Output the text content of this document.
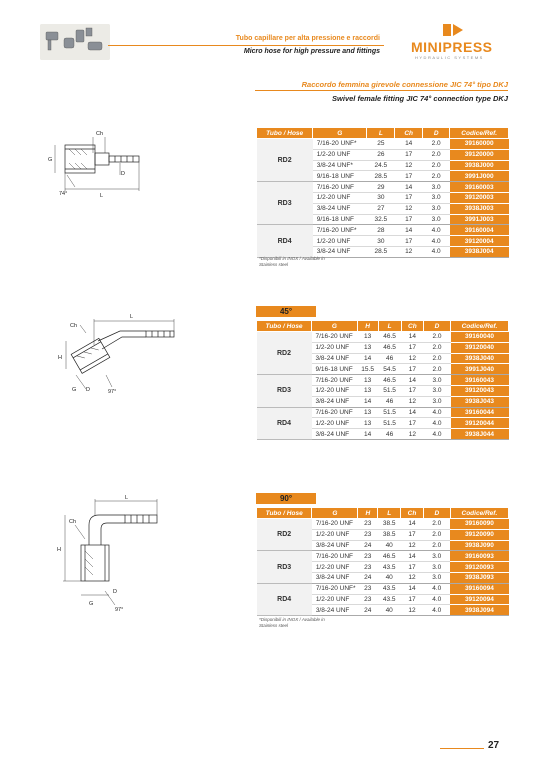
Tubo capillare per alta pressione e raccordi
Micro hose for high pressure and fittings MINIPRESS
HYDRAULIC SYSTEMS
Raccordo femmina girevole connessione JIC 74° tipo DKJ
Swivel female fitting JIC 74° connection type DKJ
Ch
G
D
L
74°
Tubo / Hose	G	L	Ch	D	Codice/Ref.
RD2	7/16-20 UNF*	25	14	2.0	39160000
	1/2-20 UNF	26	17	2.0	39120000
	3/8-24 UNF*	24.5	12	2.0	3938J000
	9/16-18 UNF	28.5	17	2.0	3991J000
RD3	7/16-20 UNF	29	14	3.0	39160003
	1/2-20 UNF	30	17	3.0	39120003
	3/8-24 UNF	27	12	3.0	3938J003
	9/16-18 UNF	32.5	17	3.0	3991J003
RD4	7/16-20 UNF*	28	14	4.0	39160004
	1/2-20 UNF	30	17	4.0	39120004
	3/8-24 UNF	28.5	12	4.0	3938J004
*Disponibili in INOX / Available in Stainless steel
L
Ch
H
G D	97°
45°
Tubo / Hose	G	H	L	Ch	D	Codice/Ref.
RD2	7/16-20 UNF	13	46.5	14	2.0	39160040
	1/2-20 UNF	13	46.5	17	2.0	39120040
	3/8-24 UNF	14	46	12	2.0	3938J040
	9/16-18 UNF	15.5	54.5	17	2.0	3991J040
RD3	7/16-20 UNF	13	46.5	14	3.0	39160043
	1/2-20 UNF	13	51.5	17	3.0	39120043
	3/8-24 UNF	14	46	12	3.0	3938J043
RD4	7/16-20 UNF	13	51.5	14	4.0	39160044
	1/2-20 UNF	13	51.5	17	4.0	39120044
	3/8-24 UNF	14	46	12	4.0	3938J044
L
Ch
H
G
D
97°
90°
Tubo / Hose	G	H	L	Ch	D	Codice/Ref.
RD2	7/16-20 UNF	23	38.5	14	2.0	39160090
	1/2-20 UNF	23	38.5	17	2.0	39120090
	3/8-24 UNF	24	40	12	2.0	3938J090
RD3	7/16-20 UNF	23	46.5	14	3.0	39160093
	1/2-20 UNF	23	43.5	17	3.0	39120093
	3/8-24 UNF	24	40	12	3.0	3938J093
RD4	7/16-20 UNF*	23	43.5	14	4.0	39160094
	1/2-20 UNF	23	43.5	17	4.0	39120094
	3/8-24 UNF	24	40	12	4.0	3938J094
*Disponibili in INOX / Available in Stainless steel
27
